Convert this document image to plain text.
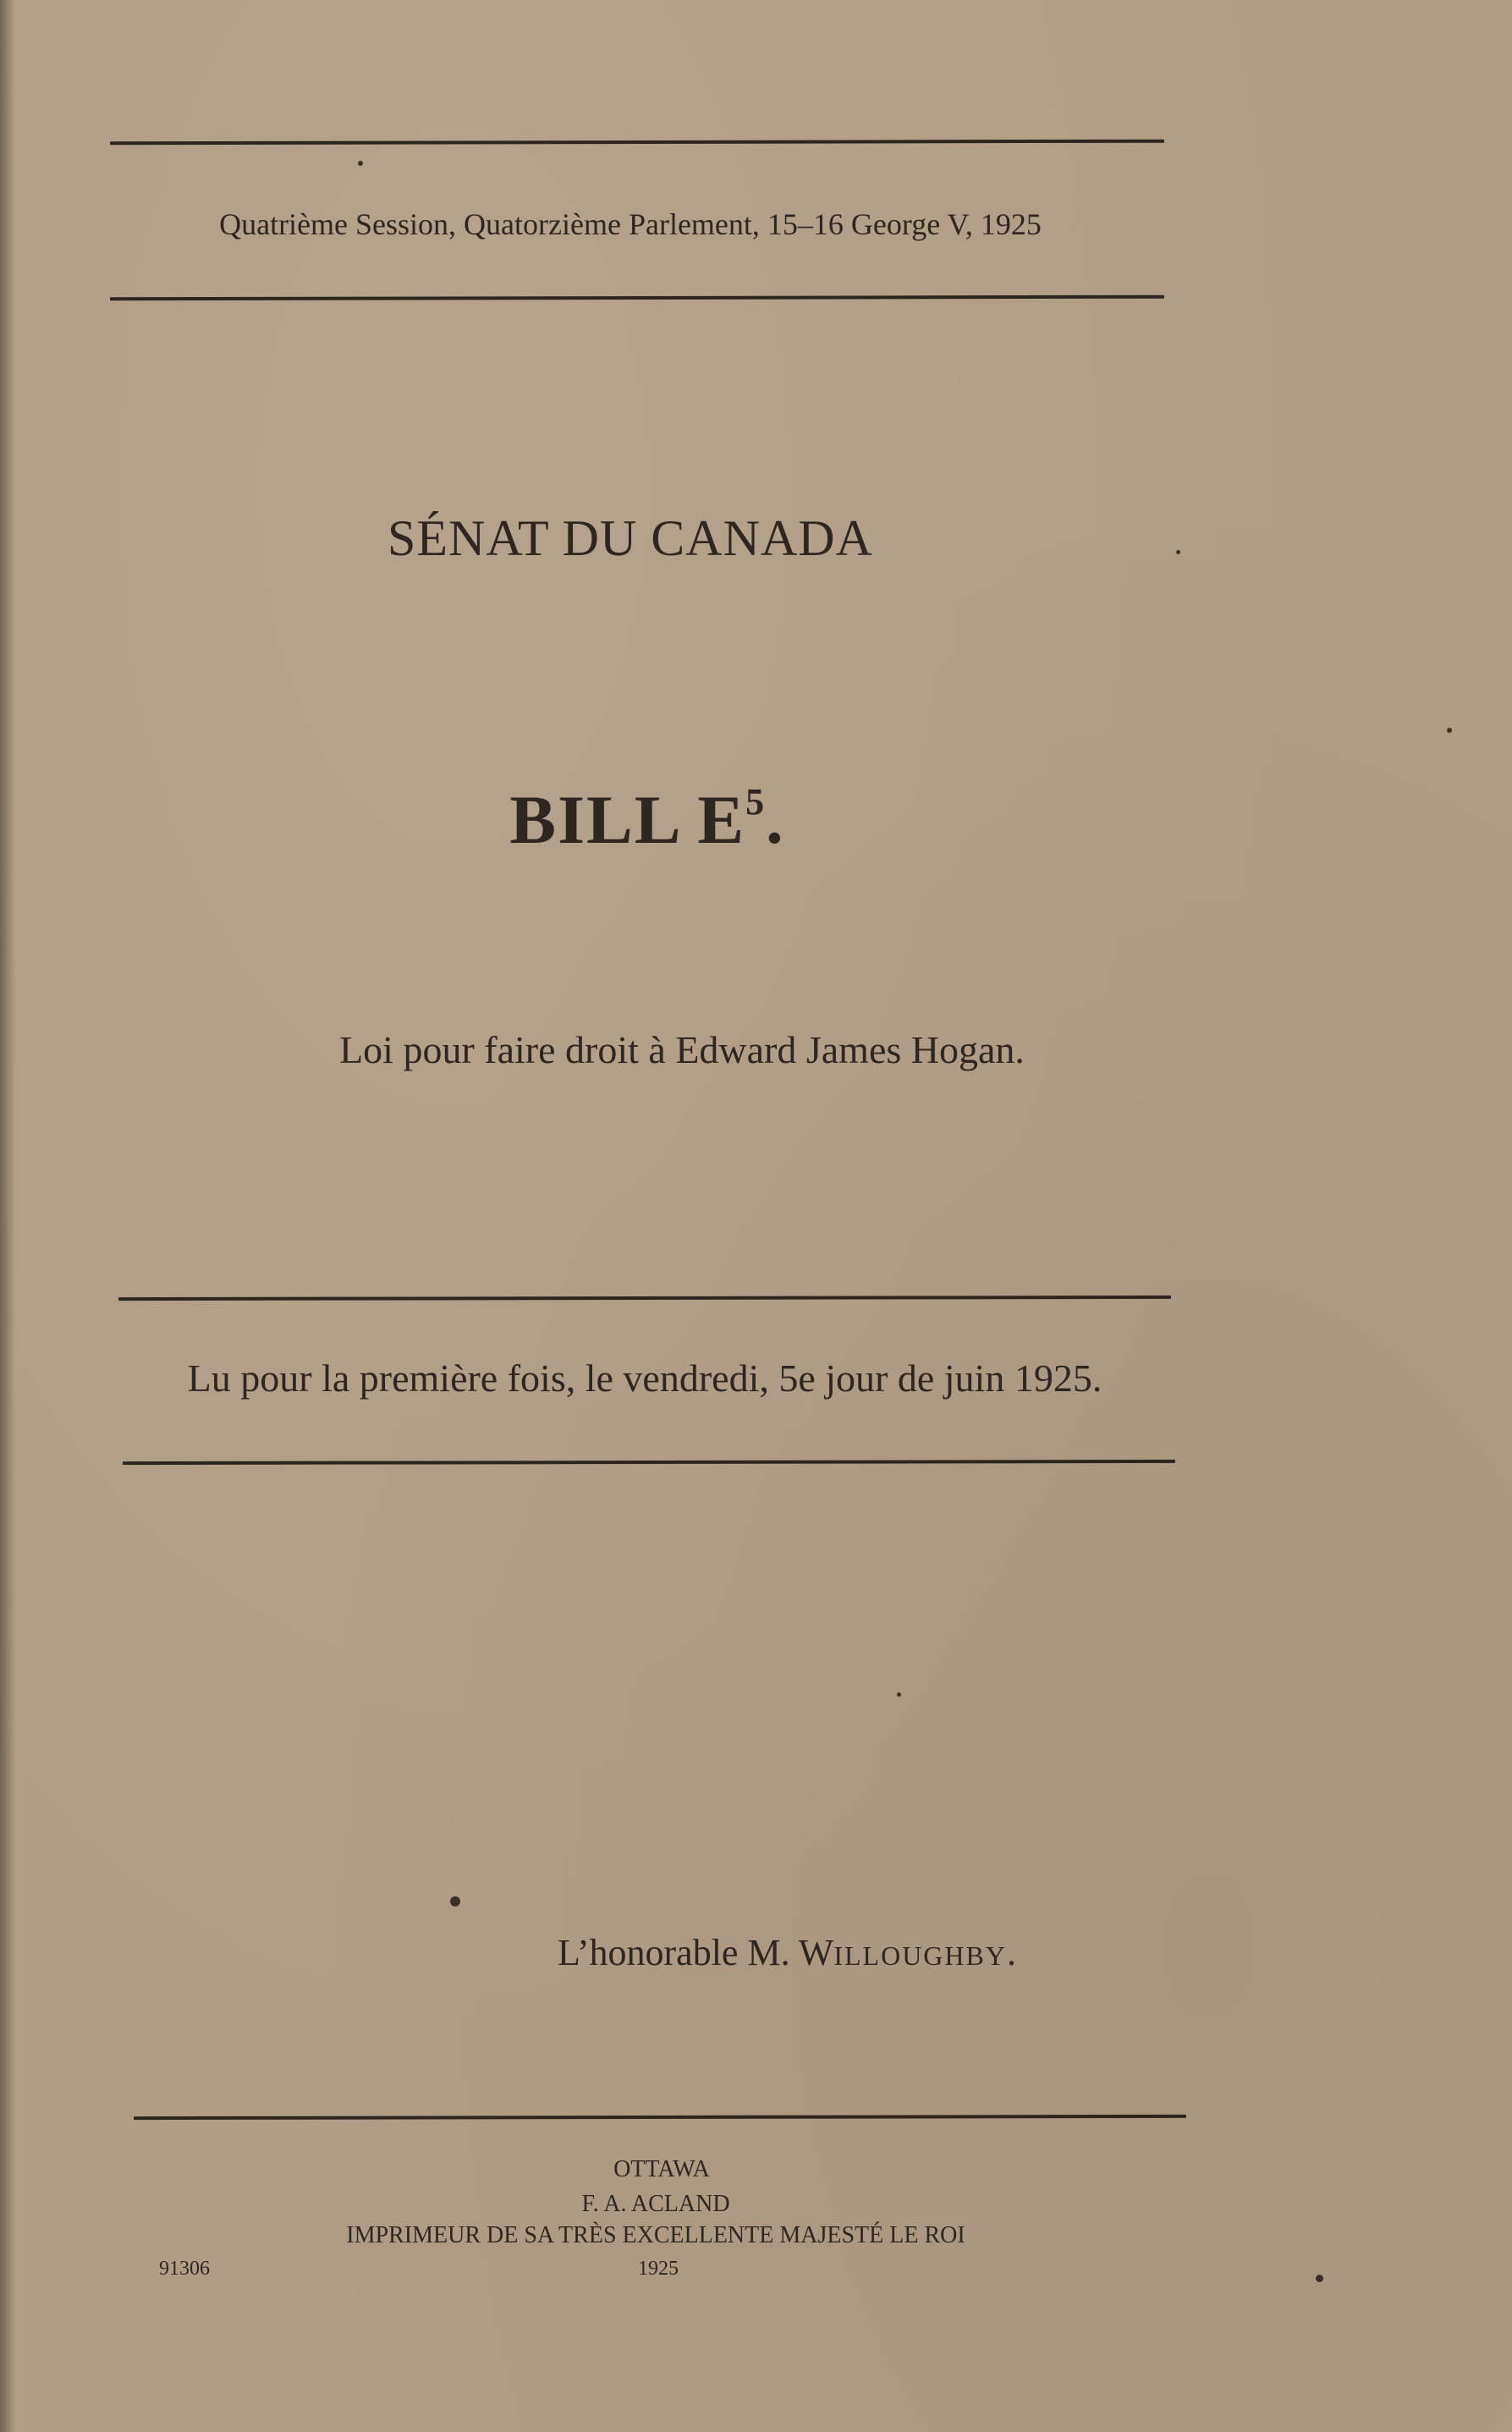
Quatrième Session, Quatorzième Parlement, 15–16 George V, 1925
SÉNAT DU CANADA
BILL $E^5$.
Loi pour faire droit à Edward James Hogan.
Lu pour la première fois, le vendredi, 5e jour de juin 1925.
L’honorable M. WILLOUGHBY.
OTTAWA
F. A. ACLAND
IMPRIMEUR DE SA TRÈS EXCELLENTE MAJESTÉ LE ROI
91306	1925
